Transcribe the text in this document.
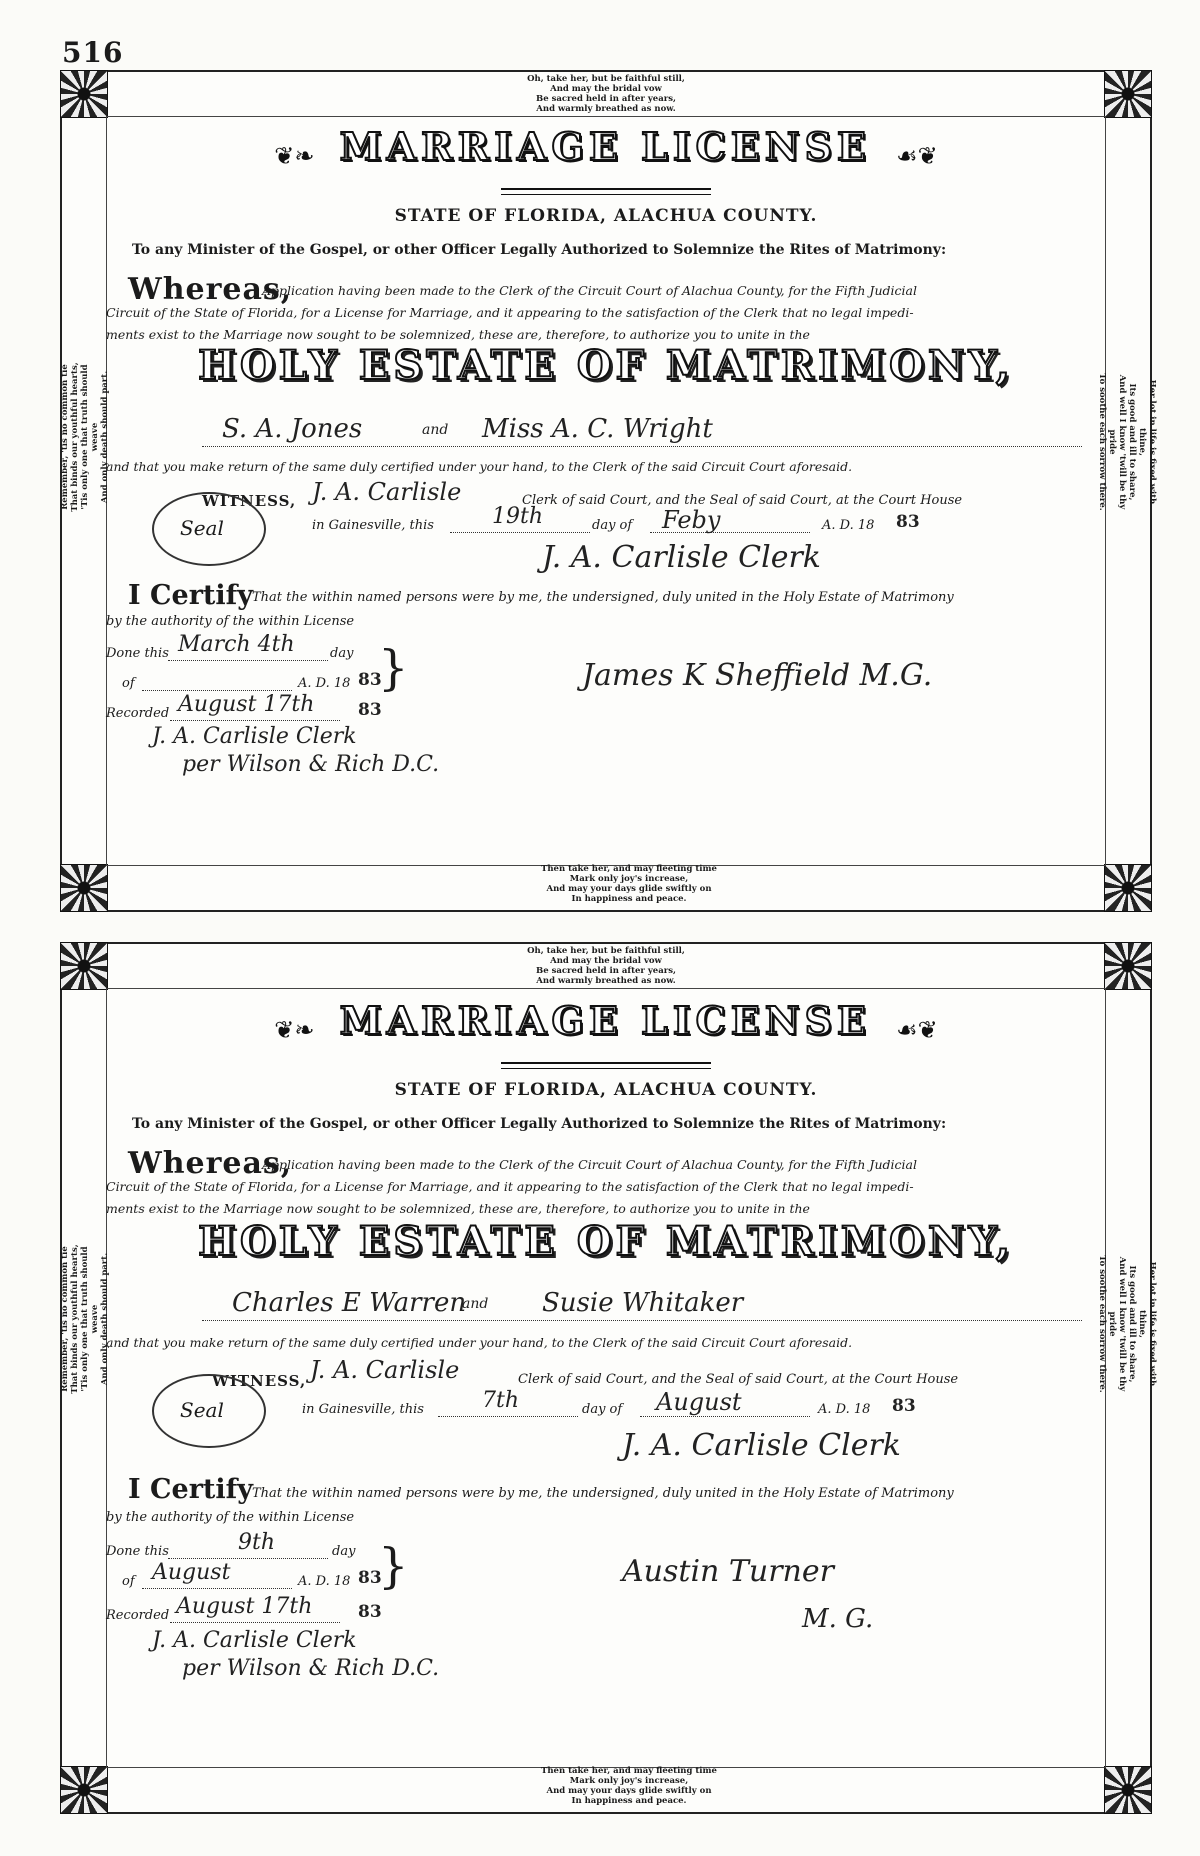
516
Oh, take her, but be faithful still,
And may the bridal vow
Be sacred held in after years,
And warmly breathed as now.
Remember, 'tis no common tie
That binds our youthful hearts,
'Tis only one that truth should weave
And only death should part.	Her lot in life is fixed with thine,
Its good and ill to share,
And well I know 'twill be thy pride
To soothe each sorrow there.
❦❧ MARRIAGE LICENSE ☙❦
STATE OF FLORIDA, ALACHUA COUNTY.
To any Minister of the Gospel, or other Officer Legally Authorized to Solemnize the Rites of Matrimony:
Whereas,
Application having been made to the Clerk of the Circuit Court of Alachua County, for the Fifth Judicial
Circuit of the State of Florida, for a License for Marriage, and it appearing to the satisfaction of the Clerk that no legal impedi-
ments exist to the Marriage now sought to be solemnized, these are, therefore, to authorize you to unite in the
HOLY ESTATE OF MATRIMONY,
S. A. Jones	and Miss A. C. Wright
and that you make return of the same duly certified under your hand, to the Clerk of the said Circuit Court aforesaid.
WITNESS, J. A. Carlisle	Clerk of said Court, and the Seal of said Court, at the Court House
in Gainesville, this	19th	day of Feby	A. D. 18 83
Seal
J. A. Carlisle Clerk
I Certify That the within named persons were by me, the undersigned, duly united in the Holy Estate of Matrimony
by the authority of the within License
Done this March 4th	day
of	A. D. 18 83
}	James K Sheffield M.G.
Recorded August 17th	83
J. A. Carlisle Clerk
per Wilson & Rich D.C.
Then take her, and may fleeting time
Mark only joy's increase,
And may your days glide swiftly on
In happiness and peace.
Oh, take her, but be faithful still,
And may the bridal vow
Be sacred held in after years,
And warmly breathed as now.
Remember, 'tis no common tie
That binds our youthful hearts,
'Tis only one that truth should weave
And only death should part.	Her lot in life is fixed with thine,
Its good and ill to share,
And well I know 'twill be thy pride
To soothe each sorrow there.
❦❧ MARRIAGE LICENSE ☙❦
STATE OF FLORIDA, ALACHUA COUNTY.
To any Minister of the Gospel, or other Officer Legally Authorized to Solemnize the Rites of Matrimony:
Whereas,
Application having been made to the Clerk of the Circuit Court of Alachua County, for the Fifth Judicial
Circuit of the State of Florida, for a License for Marriage, and it appearing to the satisfaction of the Clerk that no legal impedi-
ments exist to the Marriage now sought to be solemnized, these are, therefore, to authorize you to unite in the
HOLY ESTATE OF MATRIMONY,
Charles E Warren
and Susie Whitaker
and that you make return of the same duly certified under your hand, to the Clerk of the said Circuit Court aforesaid.
WITNESS, J. A. Carlisle	Clerk of said Court, and the Seal of said Court, at the Court House
in Gainesville, this	7th	day of August	A. D. 18 83
Seal
J. A. Carlisle Clerk
I Certify That the within named persons were by me, the undersigned, duly united in the Holy Estate of Matrimony
by the authority of the within License
Done this	9th	day
of August	A. D. 18 83
}	Austin Turner
M. G.
Recorded August 17th	83
J. A. Carlisle Clerk
per Wilson & Rich D.C.
Then take her, and may fleeting time
Mark only joy's increase,
And may your days glide swiftly on
In happiness and peace.
